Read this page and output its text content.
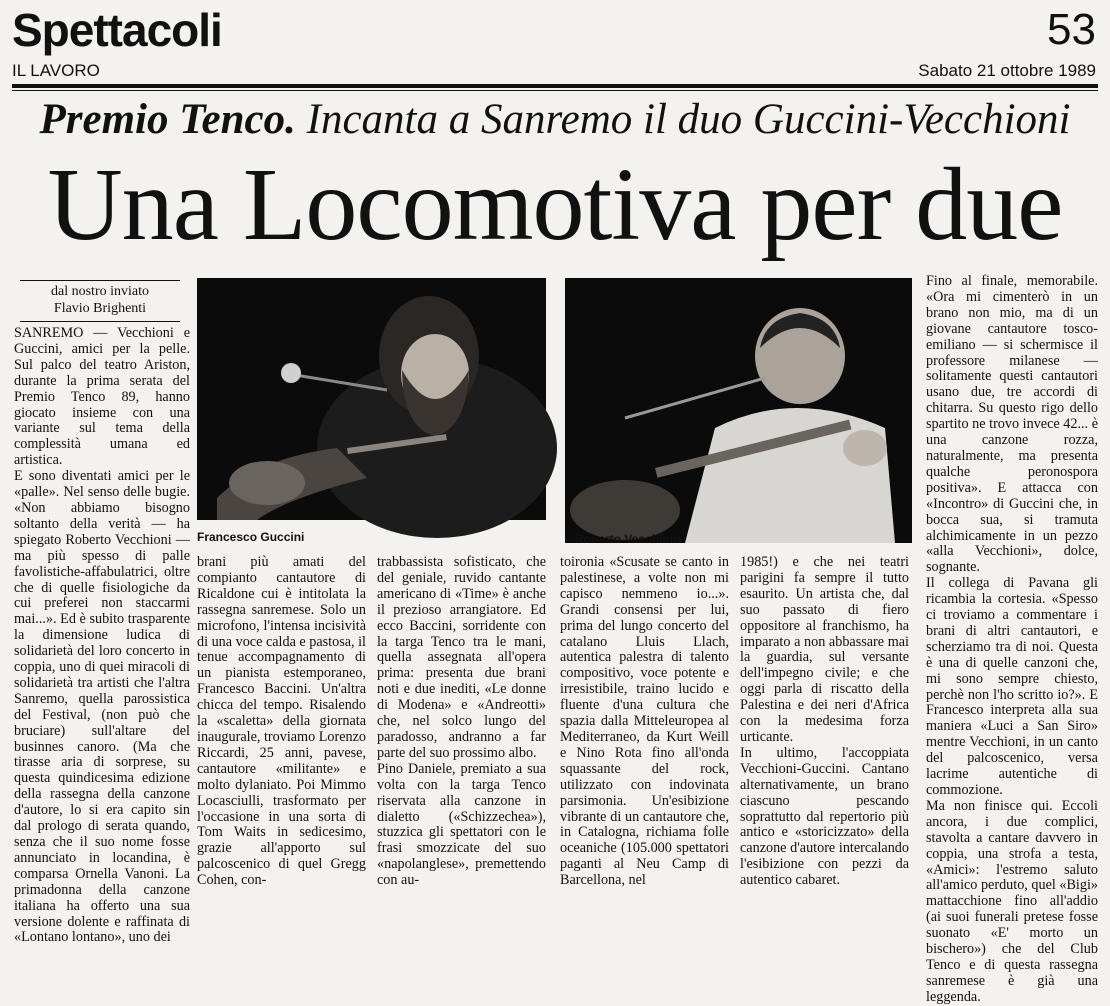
Spettacoli	53
IL LAVORO	Sabato 21 ottobre 1989
Premio Tenco. Incanta a Sanremo il duo Guccini-Vecchioni
Una Locomotiva per due
dal nostro inviato
Flavio Brighenti
Francesco Guccini	Roberto Vecchioni
SANREMO — Vecchioni e Guccini, amici per la pelle. Sul palco del teatro Ariston, durante la prima serata del Premio Tenco 89, hanno giocato insieme con una variante sul tema della complessità umana ed artistica.
E sono diventati amici per le «palle». Nel senso delle bugie. «Non abbiamo bisogno soltanto della verità — ha spiegato Roberto Vecchioni — ma più spesso di palle favolistiche-affabulatrici, oltre che di quelle fisiologiche da cui preferei non staccarmi mai...». Ed è subito trasparente la dimensione ludica di solidarietà del loro concerto in coppia, uno di quei miracoli di solidarietà tra artisti che l'altra Sanremo, quella parossistica del Festival, (non può che bruciare) sull'altare del businnes canoro. (Ma che tirasse aria di sorprese, su questa quindicesima edizione della rassegna della canzone d'autore, lo si era capito sin dal prologo di serata quando, senza che il suo nome fosse annunciato in locandina, è comparsa Ornella Vanoni. La primadonna della canzone italiana ha offerto una sua versione dolente e raffinata di «Lontano lontano», uno dei
brani più amati del compianto cantautore di Ricaldone cui è intitolata la rassegna sanremese. Solo un microfono, l'intensa incisività di una voce calda e pastosa, il tenue accompagnamento di un pianista estemporaneo, Francesco Baccini. Un'altra chicca del tempo. Risalendo la «scaletta» della giornata inaugurale, troviamo Lorenzo Riccardi, 25 anni, pavese, cantautore «militante» e molto dylaniato. Poi Mimmo Locasciulli, trasformato per l'occasione in una sorta di Tom Waits in sedicesimo, grazie all'apporto sul palcoscenico di quel Gregg Cohen, con-
trabbassista sofisticato, che del geniale, ruvido cantante americano di «Time» è anche il prezioso arrangiatore. Ed ecco Baccini, sorridente con la targa Tenco tra le mani, quella assegnata all'opera prima: presenta due brani noti e due inediti, «Le donne di Modena» e «Andreotti» che, nel solco lungo del paradosso, andranno a far parte del suo prossimo albo.
Pino Daniele, premiato a sua volta con la targa Tenco riservata alla canzone in dialetto («Schizzechea»), stuzzica gli spettatori con le frasi smozzicate del suo «napolanglese», premettendo con au-
toironia «Scusate se canto in palestinese, a volte non mi capisco nemmeno io...». Grandi consensi per lui, prima del lungo concerto del catalano Lluis Llach, autentica palestra di talento compositivo, voce potente e irresistibile, traino lucido e fluente d'una cultura che spazia dalla Mitteleuropea al Mediterraneo, da Kurt Weill e Nino Rota fino all'onda squassante del rock, utilizzato con indovinata parsimonia. Un'esibizione vibrante di un cantautore che, in Catalogna, richiama folle oceaniche (105.000 spettatori paganti al Neu Camp di Barcellona, nel
1985!) e che nei teatri parigini fa sempre il tutto esaurito. Un artista che, dal suo passato di fiero oppositore al franchismo, ha imparato a non abbassare mai la guardia, sul versante dell'impegno civile; e che oggi parla di riscatto della Palestina e dei neri d'Africa con la medesima forza urticante.
In ultimo, l'accoppiata Vecchioni-Guccini. Cantano alternativamente, un brano ciascuno pescando soprattutto dal repertorio più antico e «storicizzato» della canzone d'autore intercalando l'esibizione con pezzi da autentico cabaret.
Fino al finale, memorabile. «Ora mi cimenterò in un brano non mio, ma di un giovane cantautore tosco-emiliano — si schermisce il professore milanese — solitamente questi cantautori usano due, tre accordi di chitarra. Su questo rigo dello spartito ne trovo invece 42... è una canzone rozza, naturalmente, ma presenta qualche peronospora positiva». E attacca con «Incontro» di Guccini che, in bocca sua, si tramuta alchimicamente in un pezzo «alla Vecchioni», dolce, sognante.
Il collega di Pavana gli ricambia la cortesia. «Spesso ci troviamo a commentare i brani di altri cantautori, e scherziamo tra di noi. Questa è una di quelle canzoni che, mi sono sempre chiesto, perchè non l'ho scritto io?». E Francesco interpreta alla sua maniera «Luci a San Siro» mentre Vecchioni, in un canto del palcoscenico, versa lacrime autentiche di commozione.
Ma non finisce qui. Eccoli ancora, i due complici, stavolta a cantare davvero in coppia, una strofa a testa, «Amici»: l'estremo saluto all'amico perduto, quel «Bigi» mattacchione fino all'addio (ai suoi funerali pretese fosse suonato «E' morto un bischero») che del Club Tenco e di questa rassegna sanremese è già una leggenda.
